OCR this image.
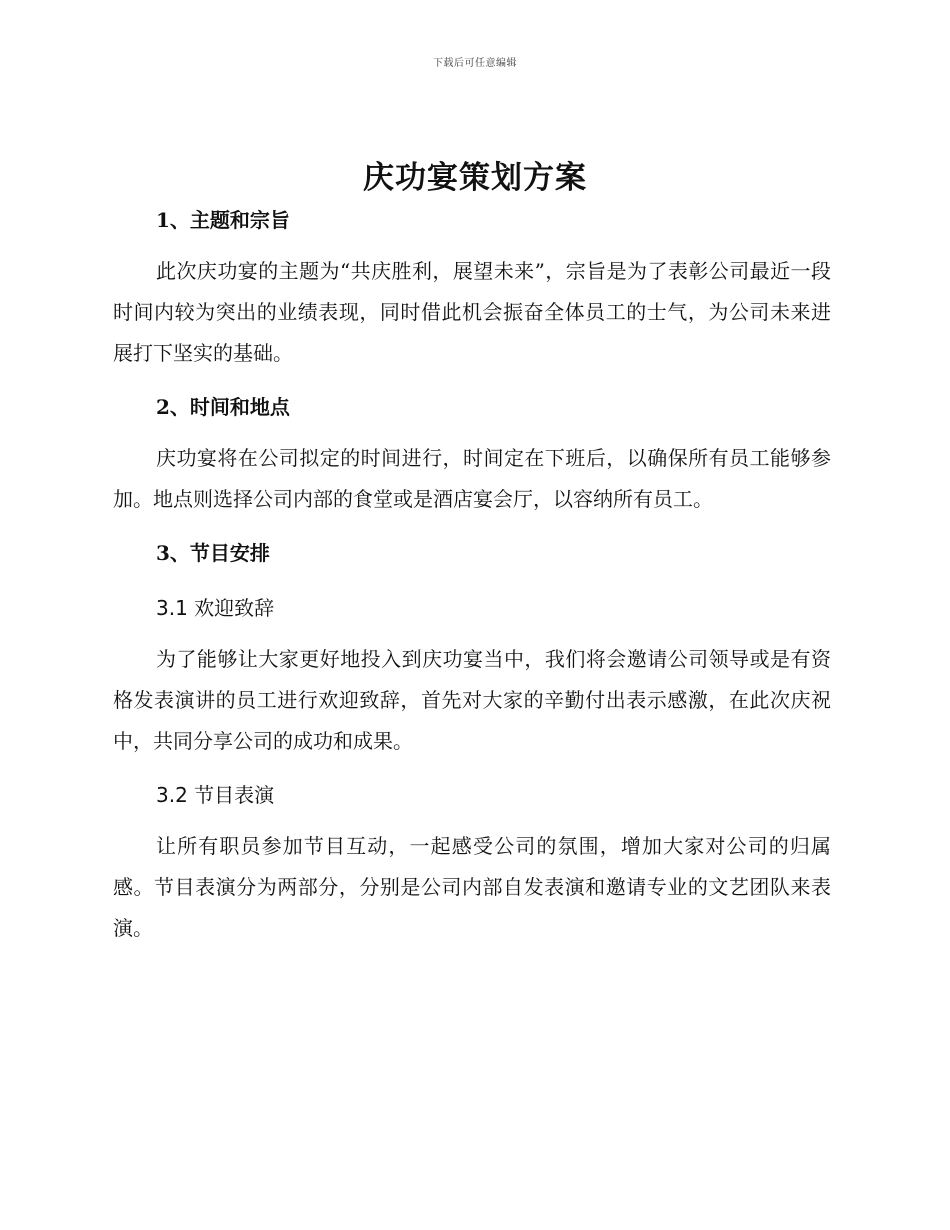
下载后可任意编辑
庆功宴策划方案
1、主题和宗旨

此次庆功宴的主题为“共庆胜利，展望未来”，宗旨是为了表彰公司最近一段时间内较为突出的业绩表现，同时借此机会振奋全体员工的士气，为公司未来进展打下坚实的基础。

2、时间和地点

庆功宴将在公司拟定的时间进行，时间定在下班后，以确保所有员工能够参加。地点则选择公司内部的食堂或是酒店宴会厅，以容纳所有员工。

3、节目安排
3.1 欢迎致辞

为了能够让大家更好地投入到庆功宴当中，我们将会邀请公司领导或是有资格发表演讲的员工进行欢迎致辞，首先对大家的辛勤付出表示感激，在此次庆祝中，共同分享公司的成功和成果。

3.2 节目表演

让所有职员参加节目互动，一起感受公司的氛围，增加大家对公司的归属感。节目表演分为两部分，分别是公司内部自发表演和邀请专业的文艺团队来表演。
